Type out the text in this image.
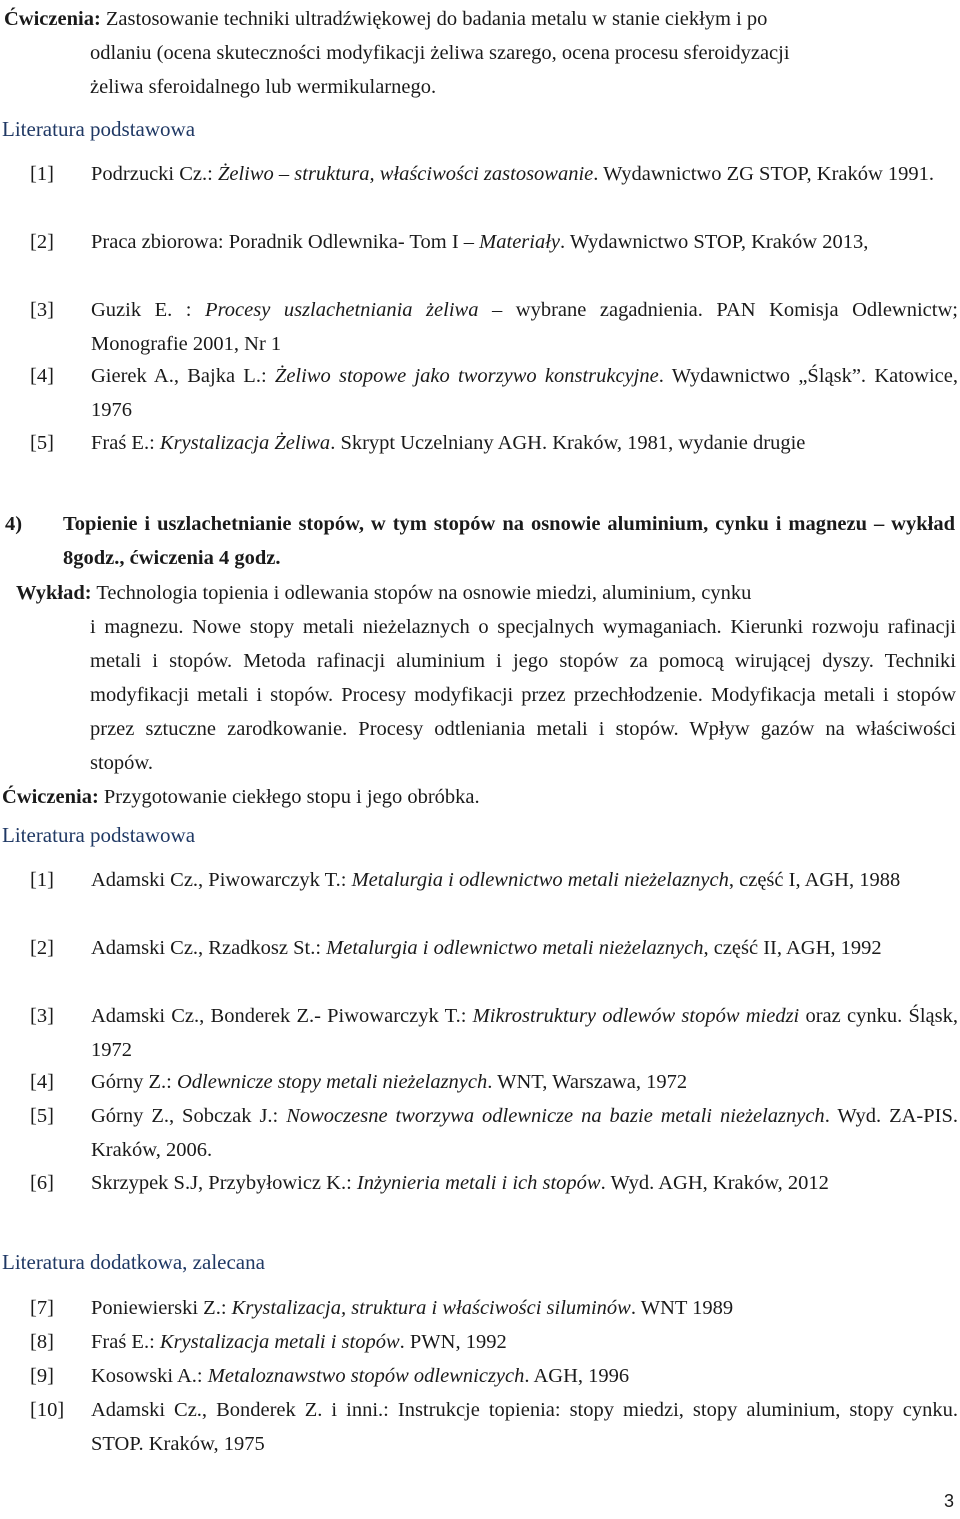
Ćwiczenia: Zastosowanie techniki ultradźwiękowej do badania metalu w stanie ciekłym i po
odlaniu (ocena skuteczności modyfikacji żeliwa szarego, ocena procesu sferoidyzacji
żeliwa sferoidalnego lub wermikularnego.
Literatura podstawowa
[1]	Podrzucki Cz.: Żeliwo – struktura, właściwości zastosowanie. Wydawnictwo ZG STOP, Kraków 1991.
[2]	Praca zbiorowa: Poradnik Odlewnika- Tom I – Materiały. Wydawnictwo STOP, Kraków 2013,
[3]	Guzik E. : Procesy uszlachetniania żeliwa – wybrane zagadnienia. PAN Komisja Odlewnictw; Monografie 2001, Nr 1
[4]	Gierek A., Bajka L.: Żeliwo stopowe jako tworzywo konstrukcyjne. Wydawnictwo „Śląsk”. Katowice, 1976
[5]	Fraś E.: Krystalizacja Żeliwa. Skrypt Uczelniany AGH. Kraków, 1981, wydanie drugie
4) Topienie i uszlachetnianie stopów, w tym stopów na osnowie aluminium, cynku i magnezu – wykład 8godz., ćwiczenia 4 godz.
Wykład: Technologia topienia i odlewania stopów na osnowie miedzi, aluminium, cynku
i magnezu. Nowe stopy metali nieżelaznych o specjalnych wymaganiach. Kierunki rozwoju rafinacji metali i stopów. Metoda rafinacji aluminium i jego stopów za pomocą wirującej dyszy. Techniki modyfikacji metali i stopów. Procesy modyfikacji przez przechłodzenie. Modyfikacja metali i stopów przez sztuczne zarodkowanie. Procesy odtleniania metali i stopów. Wpływ gazów na właściwości stopów.
Ćwiczenia: Przygotowanie ciekłego stopu i jego obróbka.
Literatura podstawowa
[1]	Adamski Cz., Piwowarczyk T.: Metalurgia i odlewnictwo metali nieżelaznych, część I, AGH, 1988
[2]	Adamski Cz., Rzadkosz St.: Metalurgia i odlewnictwo metali nieżelaznych, część II, AGH, 1992
[3]	Adamski Cz., Bonderek Z.- Piwowarczyk T.: Mikrostruktury odlewów stopów miedzi oraz cynku. Śląsk, 1972
[4]	Górny Z.: Odlewnicze stopy metali nieżelaznych. WNT, Warszawa, 1972
[5]	Górny Z., Sobczak J.: Nowoczesne tworzywa odlewnicze na bazie metali nieżelaznych. Wyd. ZA-PIS. Kraków, 2006.
[6]	Skrzypek S.J, Przybyłowicz K.: Inżynieria metali i ich stopów. Wyd. AGH, Kraków, 2012
Literatura dodatkowa, zalecana
[7]	Poniewierski Z.: Krystalizacja, struktura i właściwości siluminów. WNT 1989
[8]	Fraś E.: Krystalizacja metali i stopów. PWN, 1992
[9]	Kosowski A.: Metaloznawstwo stopów odlewniczych. AGH, 1996
[10]	Adamski Cz., Bonderek Z. i inni.: Instrukcje topienia: stopy miedzi, stopy aluminium, stopy cynku. STOP. Kraków, 1975
3
